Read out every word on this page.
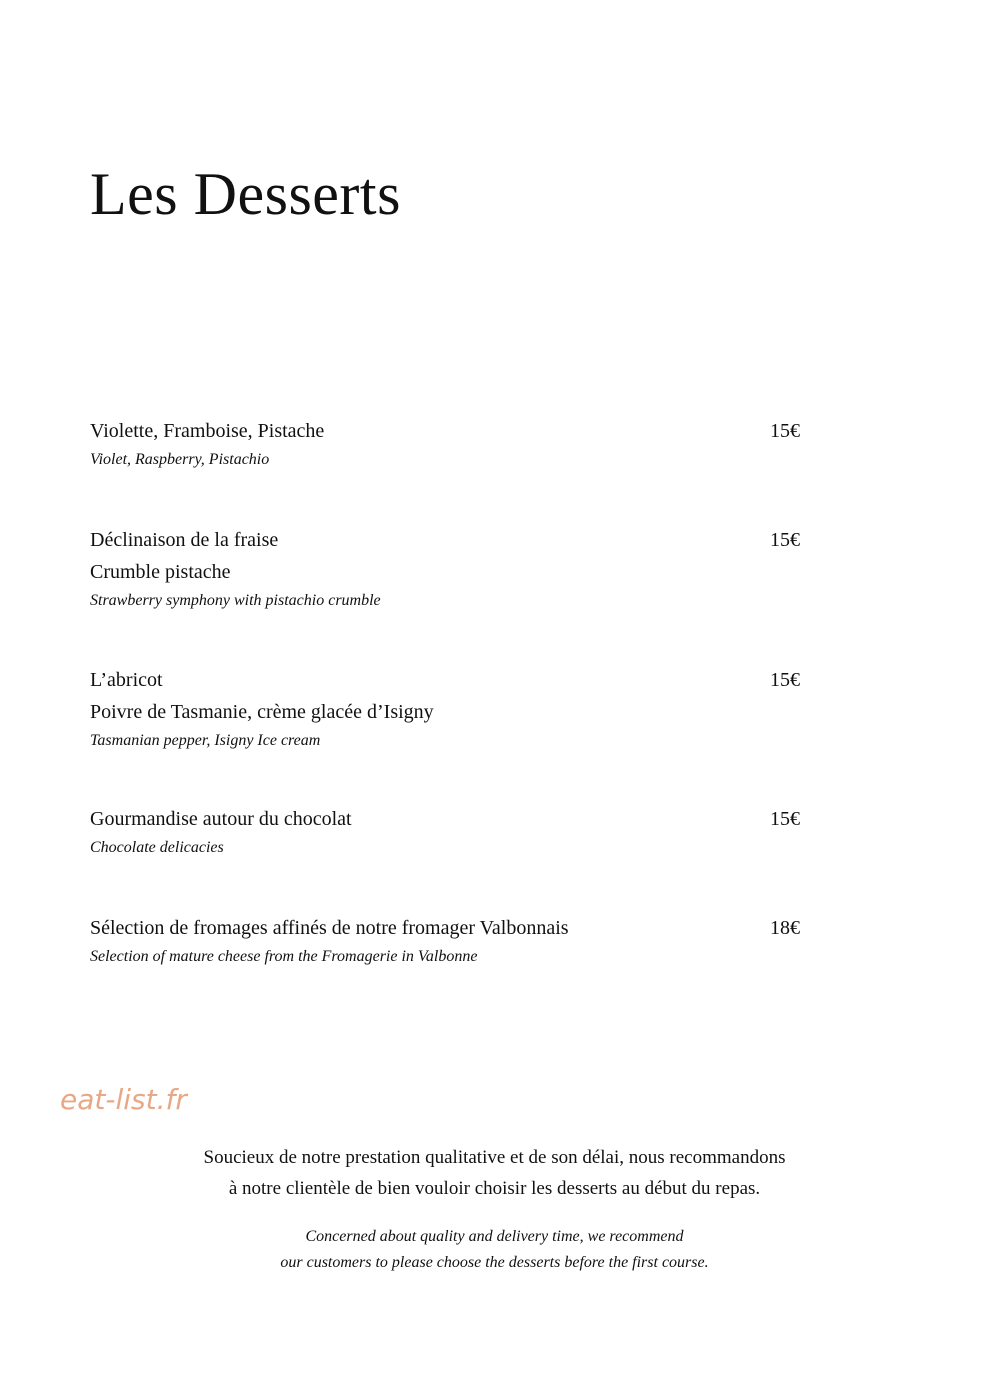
Les Desserts
Violette, Framboise, Pistache	15€
Violet, Raspberry, Pistachio
Déclinaison de la fraise	15€
Crumble pistache
Strawberry symphony with pistachio crumble
L’abricot	15€
Poivre de Tasmanie, crème glacée d’Isigny
Tasmanian pepper, Isigny Ice cream
Gourmandise autour du chocolat	15€
Chocolate delicacies
Sélection de fromages affinés de notre fromager Valbonnais	18€
Selection of mature cheese from the Fromagerie in Valbonne
eat-list.fr
Soucieux de notre prestation qualitative et de son délai, nous recommandons
à notre clientèle de bien vouloir choisir les desserts au début du repas.
Concerned about quality and delivery time, we recommend
our customers to please choose the desserts before the first course.
